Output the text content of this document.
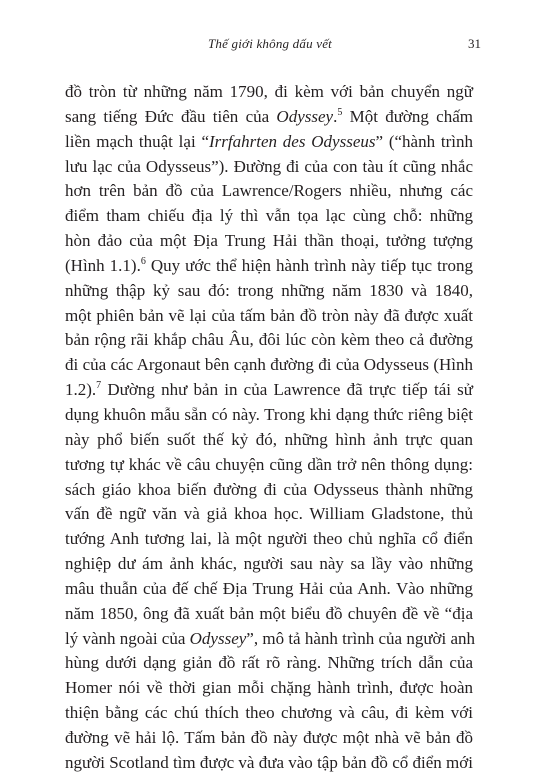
Thế giới không dấu vết	31
đồ tròn từ những năm 1790, đi kèm với bản chuyển ngữ
sang tiếng Đức đầu tiên của Odyssey.$^5$ Một đường chấm
liền mạch thuật lại “Irrfahrten des Odysseus” (“hành trình
lưu lạc của Odysseus”). Đường đi của con tàu ít cũng nhắc
hơn trên bản đồ của Lawrence/Rogers nhiều, nhưng các
điểm tham chiếu địa lý thì vẫn tọa lạc cùng chỗ: những
hòn đảo của một Địa Trung Hải thần thoại, tưởng tượng
(Hình 1.1).$^6$ Quy ước thể hiện hành trình này tiếp tục trong
những thập kỷ sau đó: trong những năm 1830 và 1840,
một phiên bản vẽ lại của tấm bản đồ tròn này đã được xuất
bản rộng rãi khắp châu Âu, đôi lúc còn kèm theo cả đường
đi của các Argonaut bên cạnh đường đi của Odysseus (Hình
1.2).$^7$ Dường như bản in của Lawrence đã trực tiếp tái sử
dụng khuôn mẫu sẵn có này. Trong khi dạng thức riêng biệt
này phổ biến suốt thế kỷ đó, những hình ảnh trực quan
tương tự khác về câu chuyện cũng dần trở nên thông dụng:
sách giáo khoa biến đường đi của Odysseus thành những
vấn đề ngữ văn và giả khoa học. William Gladstone, thủ
tướng Anh tương lai, là một người theo chủ nghĩa cổ điển
nghiệp dư ám ảnh khác, người sau này sa lầy vào những
mâu thuẫn của đế chế Địa Trung Hải của Anh. Vào những
năm 1850, ông đã xuất bản một biểu đồ chuyên đề về “địa
lý vành ngoài của Odyssey”, mô tả hành trình của người anh
hùng dưới dạng giản đồ rất rõ ràng. Những trích dẫn của
Homer nói về thời gian mỗi chặng hành trình, được hoàn
thiện bằng các chú thích theo chương và câu, đi kèm với
đường vẽ hải lộ. Tấm bản đồ này được một nhà vẽ bản đồ
người Scotland tìm được và đưa vào tập bản đồ cổ điển mới
